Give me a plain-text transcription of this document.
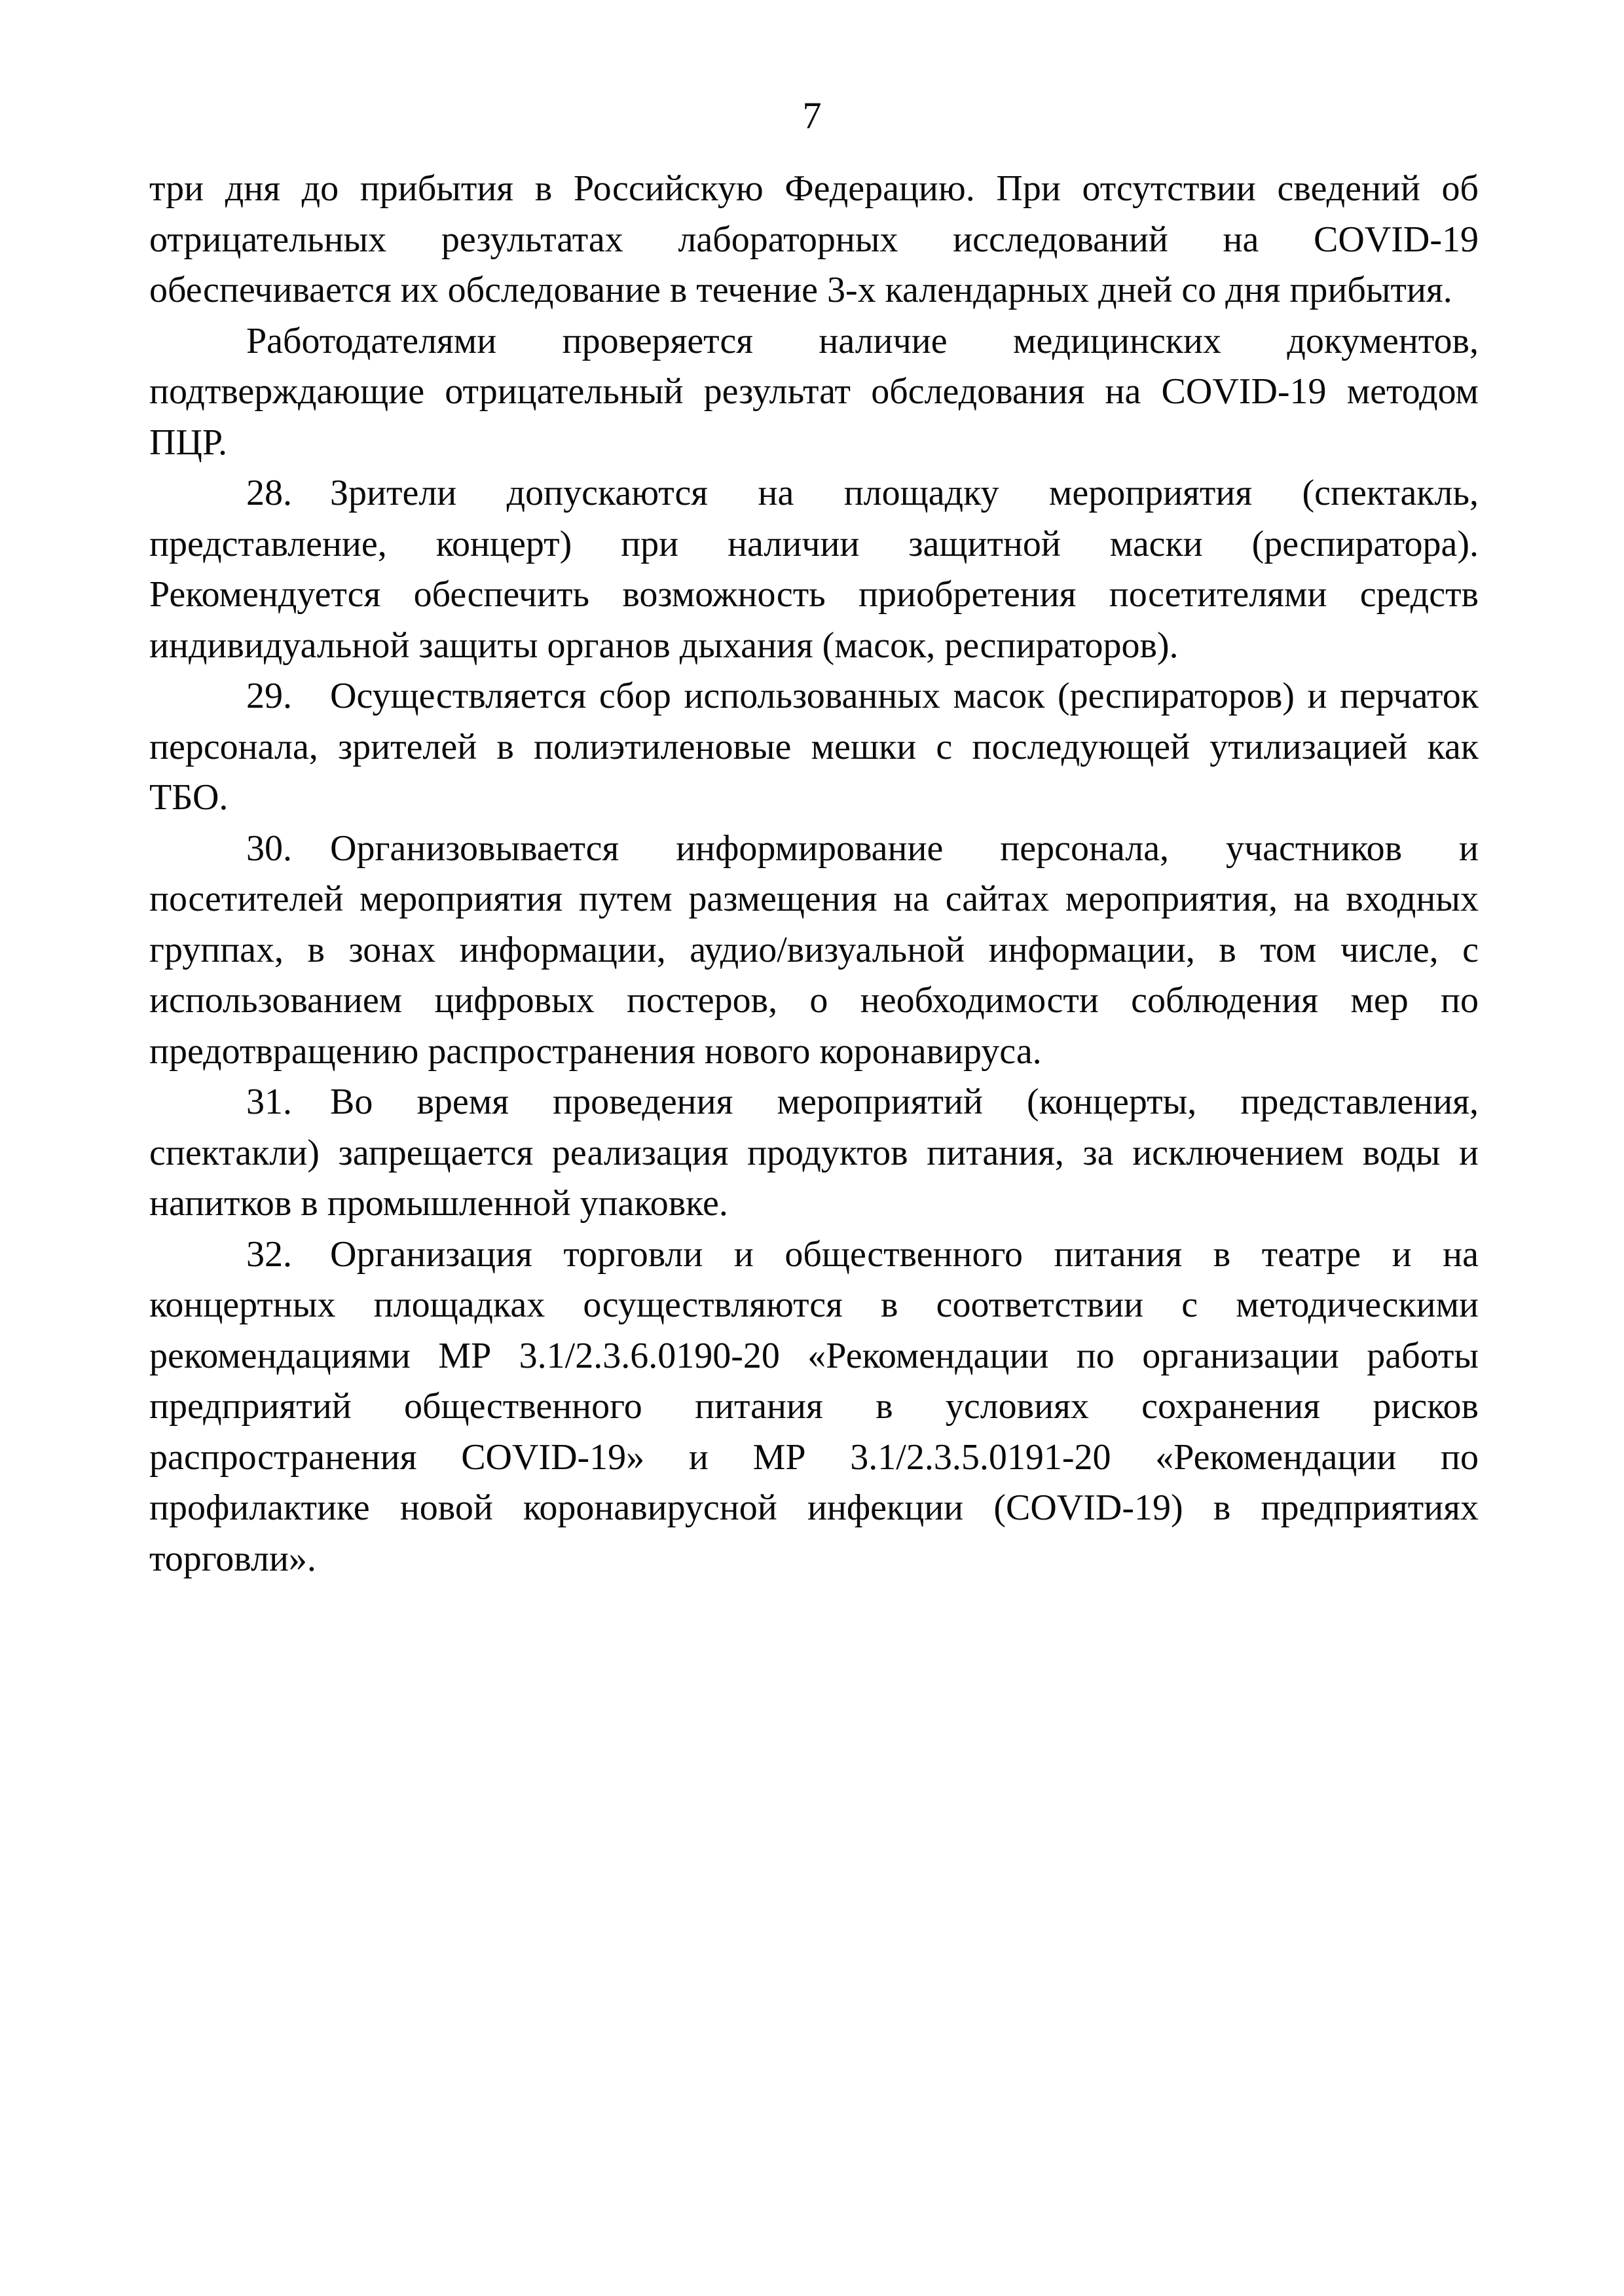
7

три дня до прибытия в Российскую Федерацию. При отсутствии сведений об отрицательных результатах лабораторных исследований на COVID-19 обеспечивается их обследование в течение 3-х календарных дней со дня прибытия.

Работодателями проверяется наличие медицинских документов, подтверждающие отрицательный результат обследования на COVID-19 методом ПЦР.

28. Зрители допускаются на площадку мероприятия (спектакль, представление, концерт) при наличии защитной маски (респиратора). Рекомендуется обеспечить возможность приобретения посетителями средств индивидуальной защиты органов дыхания (масок, респираторов).

29. Осуществляется сбор использованных масок (респираторов) и перчаток персонала, зрителей в полиэтиленовые мешки с последующей утилизацией как ТБО.

30. Организовывается информирование персонала, участников и посетителей мероприятия путем размещения на сайтах мероприятия, на входных группах, в зонах информации, аудио/визуальной информации, в том числе, с использованием цифровых постеров, о необходимости соблюдения мер по предотвращению распространения нового коронавируса.

31. Во время проведения мероприятий (концерты, представления, спектакли) запрещается реализация продуктов питания, за исключением воды и напитков в промышленной упаковке.

32. Организация торговли и общественного питания в театре и на концертных площадках осуществляются в соответствии с методическими рекомендациями МР 3.1/2.3.6.0190-20 «Рекомендации по организации работы предприятий общественного питания в условиях сохранения рисков распространения COVID-19» и МР 3.1/2.3.5.0191-20 «Рекомендации по профилактике новой коронавирусной инфекции (COVID-19) в предприятиях торговли».
